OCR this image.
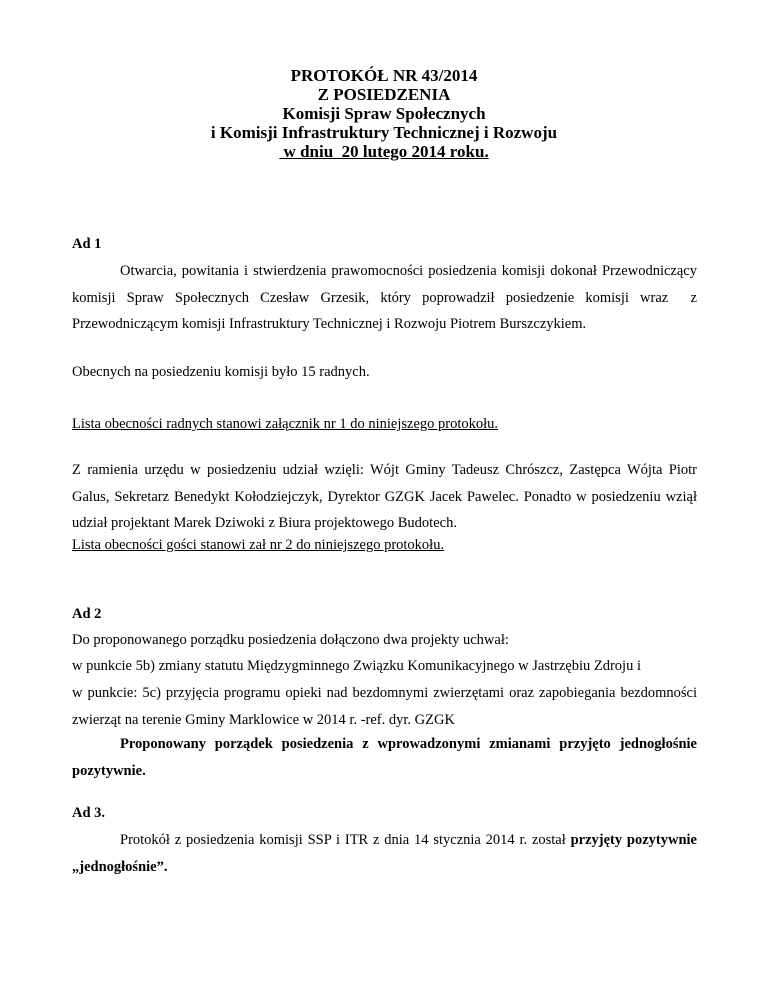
PROTOKÓŁ NR 43/2014
Z POSIEDZENIA
Komisji Spraw Społecznych
i Komisji Infrastruktury Technicznej i Rozwoju
w dniu  20 lutego 2014 roku.
Ad 1

Otwarcia, powitania i stwierdzenia prawomocności posiedzenia komisji dokonał Przewodniczący komisji Spraw Społecznych Czesław Grzesik, który poprowadził posiedzenie komisji wraz  z Przewodniczącym komisji Infrastruktury Technicznej i Rozwoju Piotrem Burszczykiem.

Obecnych na posiedzeniu komisji było 15 radnych.
Lista obecności radnych stanowi załącznik nr 1 do niniejszego protokołu.

Z ramienia urzędu w posiedzeniu udział wzięli: Wójt Gminy Tadeusz Chrószcz, Zastępca Wójta Piotr Galus, Sekretarz Benedykt Kołodziejczyk, Dyrektor GZGK Jacek Pawelec. Ponadto w posiedzeniu wziął udział projektant Marek Dziwoki z Biura projektowego Budotech.

Lista obecności gości stanowi zał nr 2 do niniejszego protokołu.
Ad 2
Do proponowanego porządku posiedzenia dołączono dwa projekty uchwał:
w punkcie 5b) zmiany statutu Międzygminnego Związku Komunikacyjnego w Jastrzębiu Zdroju i

w punkcie: 5c) przyjęcia programu opieki nad bezdomnymi zwierzętami oraz zapobiegania bezdomności zwierząt na terenie Gminy Marklowice w 2014 r. -ref. dyr. GZGK

Proponowany porządek posiedzenia z wprowadzonymi zmianami przyjęto jednogłośnie pozytywnie.

Ad 3.

Protokół z posiedzenia komisji SSP i ITR z dnia 14 stycznia 2014 r. został przyjęty pozytywnie „jednogłośnie”.
